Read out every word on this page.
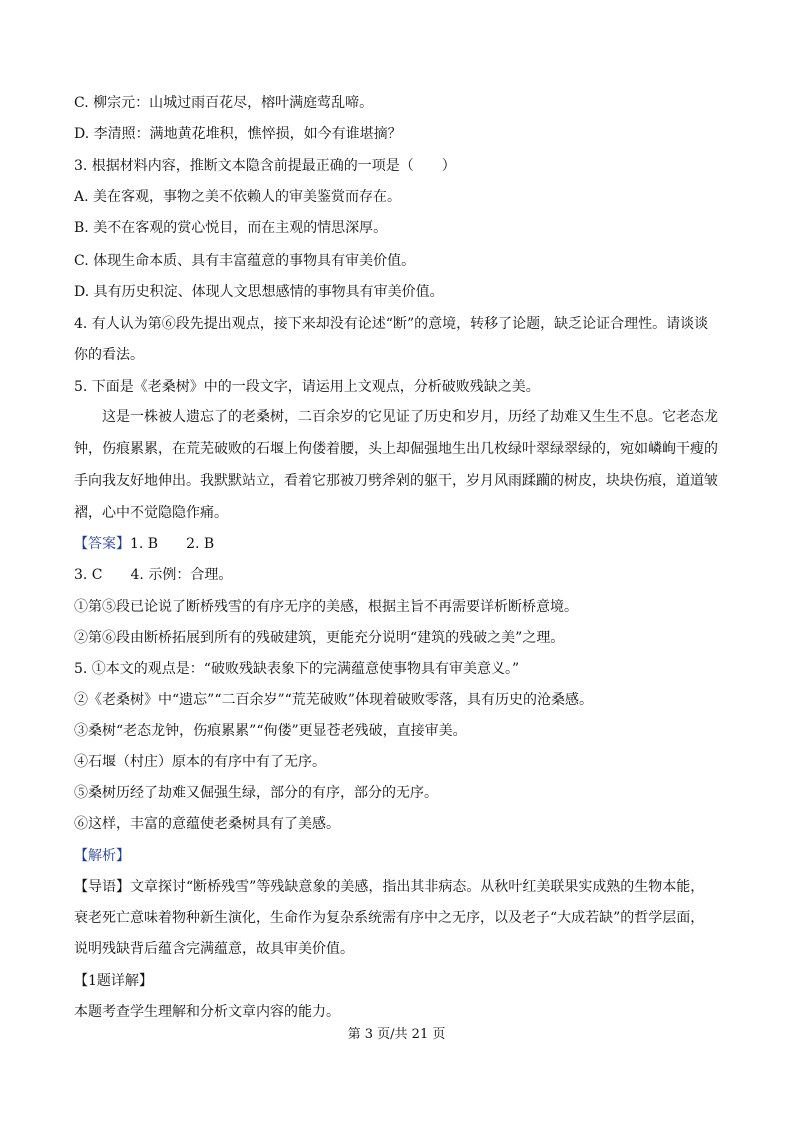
C. 柳宗元：山城过雨百花尽，榕叶满庭莺乱啼。
D. 李清照：满地黄花堆积，憔悴损，如今有谁堪摘？
3. 根据材料内容，推断文本隐含前提最正确的一项是（　　）
A. 美在客观，事物之美不依赖人的审美鉴赏而存在。
B. 美不在客观的赏心悦目，而在主观的情思深厚。
C. 体现生命本质、具有丰富蕴意的事物具有审美价值。
D. 具有历史积淀、体现人文思想感情的事物具有审美价值。
4. 有人认为第⑥段先提出观点，接下来却没有论述“断”的意境，转移了论题，缺乏论证合理性。请谈谈
你的看法。
5. 下面是《老桑树》中的一段文字，请运用上文观点，分析破败残缺之美。
这是一株被人遗忘了的老桑树，二百余岁的它见证了历史和岁月，历经了劫难又生生不息。它老态龙
钟，伤痕累累，在荒芜破败的石堰上佝偻着腰，头上却倔强地生出几枚绿叶翠绿翠绿的，宛如嶙峋干瘦的
手向我友好地伸出。我默默站立，看着它那被刀劈斧剁的躯干，岁月风雨蹂躏的树皮，块块伤痕，道道皱
褶，心中不觉隐隐作痛。
【答案】1. B　　2. B
3. C　　4. 示例：合理。
①第⑤段已论说了断桥残雪的有序无序的美感，根据主旨不再需要详析断桥意境。
②第⑥段由断桥拓展到所有的残破建筑，更能充分说明“建筑的残破之美”之理。
5. ①本文的观点是：“破败残缺表象下的完满蕴意使事物具有审美意义。”
②《老桑树》中“遗忘”“二百余岁”“荒芜破败”体现着破败零落，具有历史的沧桑感。
③桑树“老态龙钟，伤痕累累”“佝偻”更显苍老残破，直接审美。
④石堰（村庄）原本的有序中有了无序。
⑤桑树历经了劫难又倔强生绿，部分的有序，部分的无序。
⑥这样，丰富的意蕴使老桑树具有了美感。
【解析】
【导语】文章探讨“断桥残雪”等残缺意象的美感，指出其非病态。从秋叶红美联果实成熟的生物本能，
衰老死亡意味着物种新生演化，生命作为复杂系统需有序中之无序，以及老子“大成若缺”的哲学层面，
说明残缺背后蕴含完满蕴意，故具审美价值。
【1题详解】
本题考查学生理解和分析文章内容的能力。
第 3 页/共 21 页
